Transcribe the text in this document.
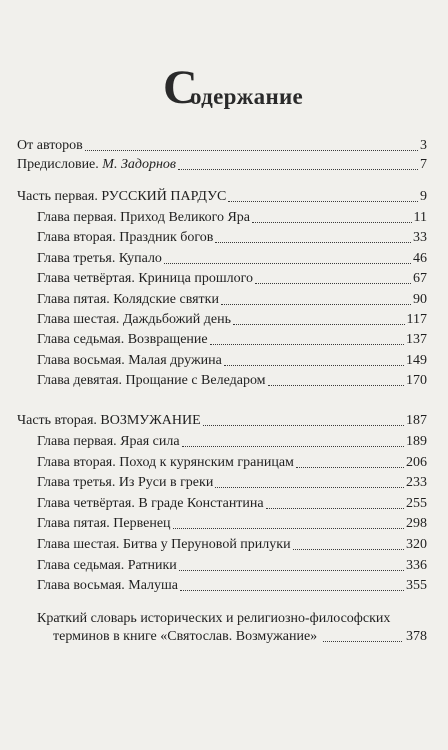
С
одержание
От авторов	3
Предисловие. М. Задорнов	7
Часть первая. РУССКИЙ ПАРДУС	9
Глава первая. Приход Великого Яра	11
Глава вторая. Праздник богов	33
Глава третья. Купало	46
Глава четвёртая. Криница прошлого	67
Глава пятая. Колядские святки	90
Глава шестая. Даждьбожий день	117
Глава седьмая. Возвращение	137
Глава восьмая. Малая дружина	149
Глава девятая. Прощание с Веледаром	170
Часть вторая. ВОЗМУЖАНИЕ	187
Глава первая. Ярая сила	189
Глава вторая. Поход к курянским границам	206
Глава третья. Из Руси в греки	233
Глава четвёртая. В граде Константина	255
Глава пятая. Первенец	298
Глава шестая. Битва у Перуновой прилуки	320
Глава седьмая. Ратники	336
Глава восьмая. Малуша	355
Краткий словарь исторических и религиозно-философских
терминов в книге «Святослав. Возмужание»	378
